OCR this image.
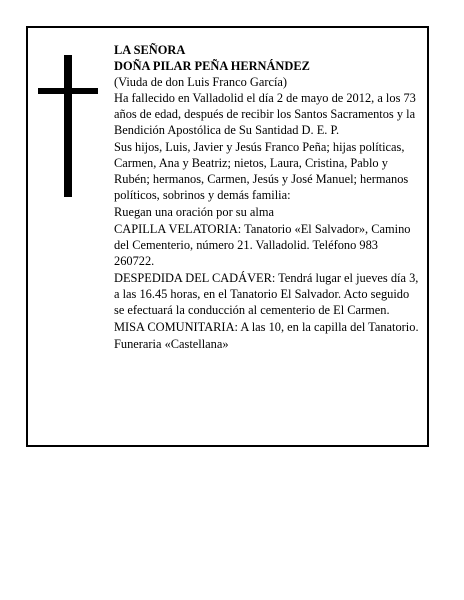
LA SEÑORA

DOÑA PILAR PEÑA HERNÁNDEZ

(Viuda de don Luis Franco García)

Ha fallecido en Valladolid el día 2 de mayo de 2012, a los 73 años de edad, después de recibir los Santos Sacramentos y la Bendición Apostólica de Su Santidad D. E. P.

Sus hijos, Luis, Javier y Jesús Franco Peña; hijas políticas, Carmen, Ana y Beatriz; nietos, Laura, Cristina, Pablo y Rubén; hermanos, Carmen, Jesús y José Manuel; hermanos políticos, sobrinos y demás familia:

Ruegan una oración por su alma

CAPILLA VELATORIA: Tanatorio «El Salvador», Camino del Cementerio, número 21. Valladolid. Teléfono 983 260722.

DESPEDIDA DEL CADÁVER: Tendrá lugar el jueves día 3, a las 16.45 horas, en el Tanatorio El Salvador. Acto seguido se efectuará la conducción al cementerio de El Carmen.

MISA COMUNITARIA: A las 10, en la capilla del Tanatorio.

Funeraria «Castellana»
